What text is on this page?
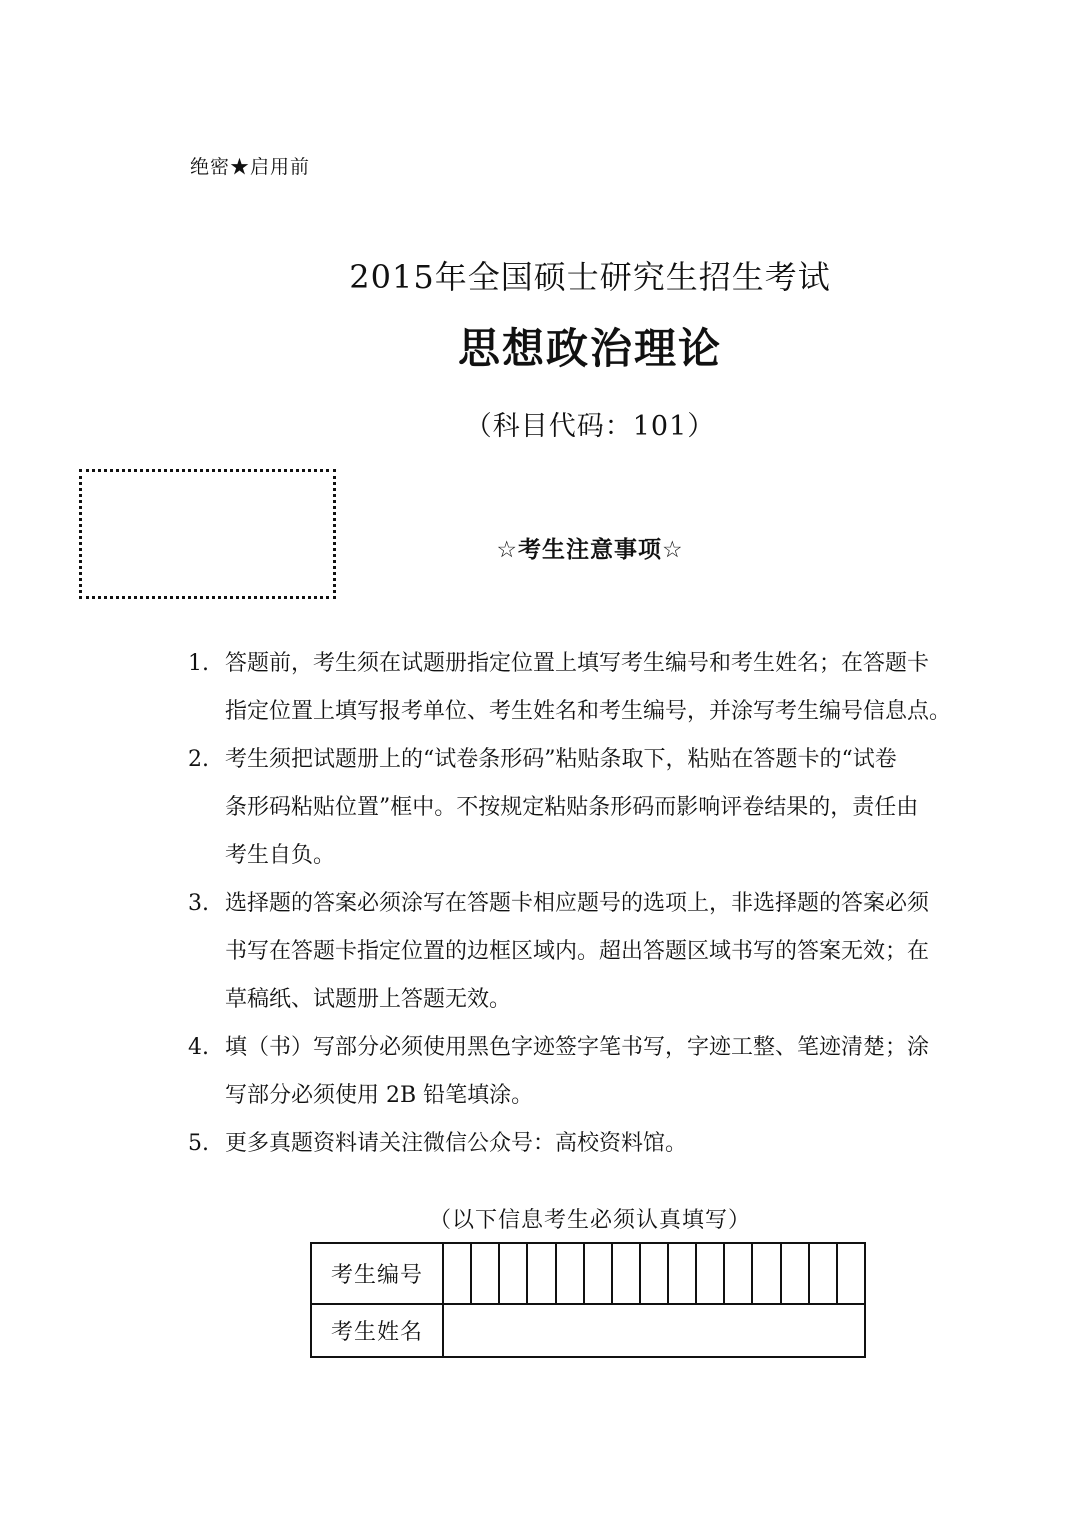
绝密★启用前
2015年全国硕士研究生招生考试
思想政治理论
（科目代码：101）
☆考生注意事项☆
1. 答题前，考生须在试题册指定位置上填写考生编号和考生姓名；在答题卡
指定位置上填写报考单位、考生姓名和考生编号，并涂写考生编号信息点。
2. 考生须把试题册上的“试卷条形码”粘贴条取下，粘贴在答题卡的“试卷
条形码粘贴位置”框中。不按规定粘贴条形码而影响评卷结果的，责任由
考生自负。
3. 选择题的答案必须涂写在答题卡相应题号的选项上，非选择题的答案必须
书写在答题卡指定位置的边框区域内。超出答题区域书写的答案无效；在
草稿纸、试题册上答题无效。
4. 填（书）写部分必须使用黑色字迹签字笔书写，字迹工整、笔迹清楚；涂
写部分必须使用 2B 铅笔填涂。
5. 更多真题资料请关注微信公众号：高校资料馆。
（以下信息考生必须认真填写）
考生编号															
考生姓名															
